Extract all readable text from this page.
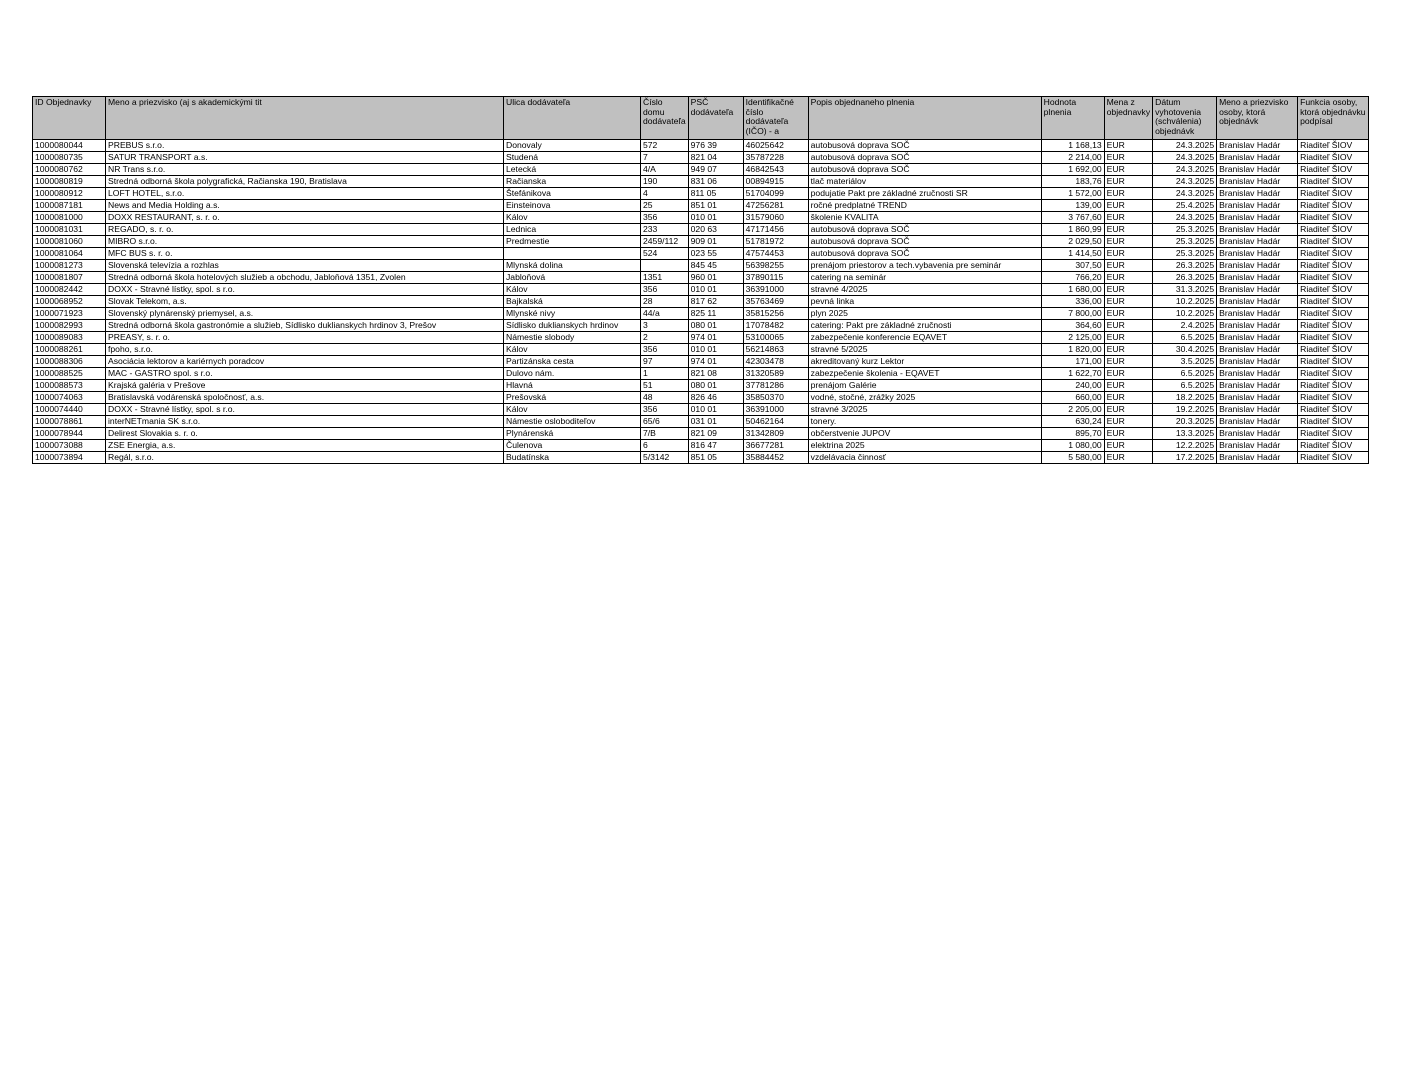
ID Objednavky	Meno a priezvisko (aj s akademickými tit	Ulica dodávateľa	Číslo domu dodávateľa	PSČ dodávateľa	Identifikačné číslo dodávateľa (IČO) - a	Popis objednaneho plnenia	Hodnota plnenia	Mena z objednavky	Dátum vyhotovenia (schválenia) objednávk	Meno a priezvisko osoby, ktorá objednávk	Funkcia osoby, ktorá objednávku podpísal
1000080044	PREBUS s.r.o.	Donovaly	572	976 39	46025642	autobusová doprava SOČ	1 168,13	EUR	24.3.2025	Branislav Hadár	Riaditeľ ŠIOV
1000080735	SATUR TRANSPORT a.s.	Studená	7	821 04	35787228	autobusová doprava SOČ	2 214,00	EUR	24.3.2025	Branislav Hadár	Riaditeľ ŠIOV
1000080762	NR Trans s.r.o.	Letecká	4/A	949 07	46842543	autobusová doprava SOČ	1 692,00	EUR	24.3.2025	Branislav Hadár	Riaditeľ ŠIOV
1000080819	Stredná odborná škola polygrafická, Račianska 190, Bratislava	Račianska	190	831 06	00894915	tlač materiálov	183,76	EUR	24.3.2025	Branislav Hadár	Riaditeľ ŠIOV
1000080912	LOFT HOTEL, s.r.o.	Štefánikova	4	811 05	51704099	podujatie Pakt pre základné zručnosti SR	1 572,00	EUR	24.3.2025	Branislav Hadár	Riaditeľ ŠIOV
1000087181	News and Media Holding a.s.	Einsteinova	25	851 01	47256281	ročné predplatné TREND	139,00	EUR	25.4.2025	Branislav Hadár	Riaditeľ ŠIOV
1000081000	DOXX RESTAURANT, s. r. o.	Kálov	356	010 01	31579060	školenie KVALITA	3 767,60	EUR	24.3.2025	Branislav Hadár	Riaditeľ ŠIOV
1000081031	REGADO, s. r. o.	Lednica	233	020 63	47171456	autobusová doprava SOČ	1 860,99	EUR	25.3.2025	Branislav Hadár	Riaditeľ ŠIOV
1000081060	MIBRO s.r.o.	Predmestie	2459/112	909 01	51781972	autobusová doprava SOČ	2 029,50	EUR	25.3.2025	Branislav Hadár	Riaditeľ ŠIOV
1000081064	MFC BUS s. r. o.		524	023 55	47574453	autobusová doprava SOČ	1 414,50	EUR	25.3.2025	Branislav Hadár	Riaditeľ ŠIOV
1000081273	Slovenská televízia a rozhlas	Mlynská dolina		845 45	56398255	prenájom priestorov a tech.vybavenia pre seminár	307,50	EUR	26.3.2025	Branislav Hadár	Riaditeľ ŠIOV
1000081807	Stredná odborná škola hotelových služieb a obchodu, Jabloňová 1351, Zvolen	Jabloňová	1351	960 01	37890115	catering na seminár	766,20	EUR	26.3.2025	Branislav Hadár	Riaditeľ ŠIOV
1000082442	DOXX - Stravné lístky, spol. s r.o.	Kálov	356	010 01	36391000	stravné 4/2025	1 680,00	EUR	31.3.2025	Branislav Hadár	Riaditeľ ŠIOV
1000068952	Slovak Telekom, a.s.	Bajkalská	28	817 62	35763469	pevná linka	336,00	EUR	10.2.2025	Branislav Hadár	Riaditeľ ŠIOV
1000071923	Slovenský plynárenský priemysel, a.s.	Mlynské nivy	44/a	825 11	35815256	plyn 2025	7 800,00	EUR	10.2.2025	Branislav Hadár	Riaditeľ ŠIOV
1000082993	Stredná odborná škola gastronómie a služieb, Sídlisko duklianskych hrdinov 3, Prešov	Sídlisko duklianskych hrdinov	3	080 01	17078482	catering: Pakt pre základné zručnosti	364,60	EUR	2.4.2025	Branislav Hadár	Riaditeľ ŠIOV
1000089083	PREASY, s. r. o.	Námestie slobody	2	974 01	53100065	zabezpečenie konferencie EQAVET	2 125,00	EUR	6.5.2025	Branislav Hadár	Riaditeľ ŠIOV
1000088261	fpoho, s.r.o.	Kálov	356	010 01	56214863	stravné 5/2025	1 820,00	EUR	30.4.2025	Branislav Hadár	Riaditeľ ŠIOV
1000088306	Asociácia lektorov a kariérnych poradcov	Partizánska cesta	97	974 01	42303478	akreditovaný kurz Lektor	171,00	EUR	3.5.2025	Branislav Hadár	Riaditeľ ŠIOV
1000088525	MAC - GASTRO spol. s r.o.	Dulovo nám.	1	821 08	31320589	zabezpečenie školenia - EQAVET	1 622,70	EUR	6.5.2025	Branislav Hadár	Riaditeľ ŠIOV
1000088573	Krajská galéria v Prešove	Hlavná	51	080 01	37781286	prenájom Galérie	240,00	EUR	6.5.2025	Branislav Hadár	Riaditeľ ŠIOV
1000074063	Bratislavská vodárenská spoločnosť, a.s.	Prešovská	48	826 46	35850370	vodné, stočné, zrážky 2025	660,00	EUR	18.2.2025	Branislav Hadár	Riaditeľ ŠIOV
1000074440	DOXX - Stravné lístky, spol. s r.o.	Kálov	356	010 01	36391000	stravné 3/2025	2 205,00	EUR	19.2.2025	Branislav Hadár	Riaditeľ ŠIOV
1000078861	interNETmania SK s.r.o.	Námestie osloboditeľov	65/6	031 01	50462164	tonery.	630,24	EUR	20.3.2025	Branislav Hadár	Riaditeľ ŠIOV
1000078944	Delirest Slovakia s. r. o.	Plynárenská	7/B	821 09	31342809	občerstvenie JUPOV	895,70	EUR	13.3.2025	Branislav Hadár	Riaditeľ ŠIOV
1000073088	ZSE Energia, a.s.	Čulenova	6	816 47	36677281	elektrina 2025	1 080,00	EUR	12.2.2025	Branislav Hadár	Riaditeľ ŠIOV
1000073894	Regál, s.r.o.	Budatínska	5/3142	851 05	35884452	vzdelávacia činnosť	5 580,00	EUR	17.2.2025	Branislav Hadár	Riaditeľ ŠIOV
